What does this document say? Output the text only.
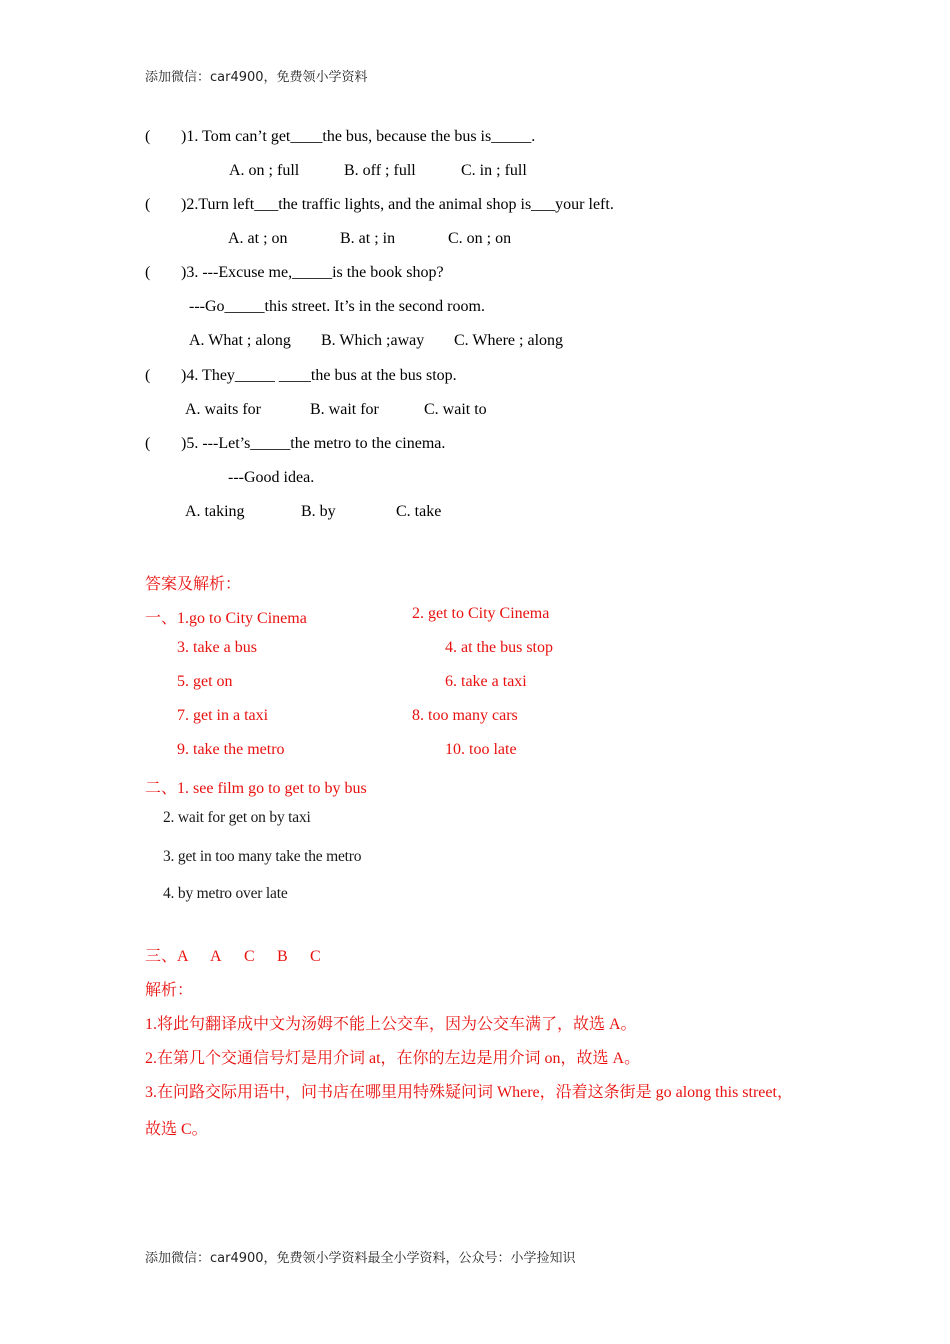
添加微信：car4900，免费领小学资料
( )1. Tom can’t get____the bus, because the bus is_____.
A. on ; full	B. off ; full	C. in ; full
( )2.Turn left___the traffic lights, and the animal shop is___your left.
A. at ; on	B. at ; in	C. on ; on
( )3. ---Excuse me,_____is the book shop?
---Go_____this street. It’s in the second room.
A. What ; along B. Which ;away C. Where ; along
( )4. They_____ ____the bus at the bus stop.
A. waits for	B. wait for	C. wait to
( )5. ---Let’s_____the metro to the cinema.
---Good idea.
A. taking	B. by	C. take
答案及解析：
一、1.go to City Cinema	2. get to City Cinema
3. take a bus	4. at the bus stop
5. get on	6. take a taxi
7. get in a taxi	8. too many cars
9. take the metro	10. too late
二、1. see film go to get to by bus
2. wait for get on by taxi
3. get in too many take the metro
4. by metro over late
三、A A C B C
解析：
1.将此句翻译成中文为汤姆不能上公交车，因为公交车满了，故选 A。
2.在第几个交通信号灯是用介词 at，在你的左边是用介词 on，故选 A。
3.在问路交际用语中，问书店在哪里用特殊疑问词 Where，沿着这条街是 go along this street，
故选 C。
添加微信：car4900，免费领小学资料最全小学资料，公众号：小学捡知识
